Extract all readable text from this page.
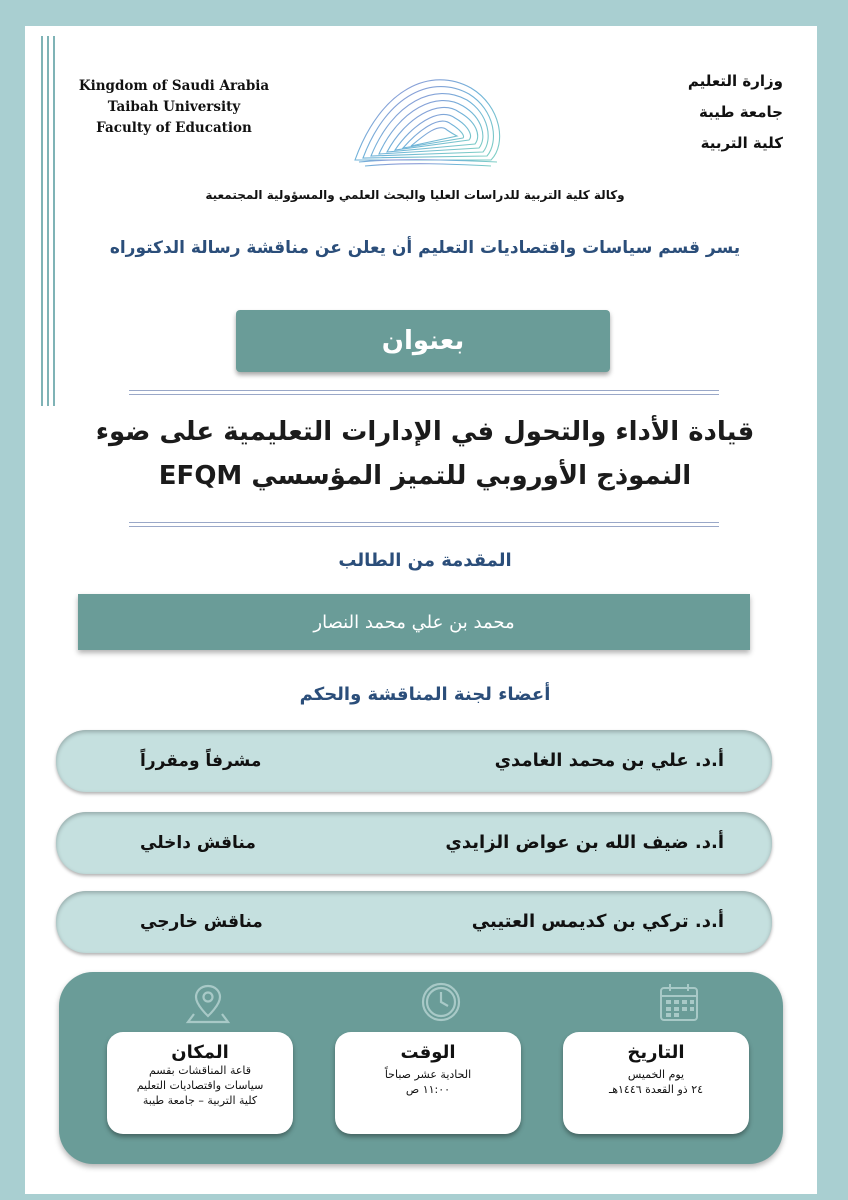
Kingdom of Saudi Arabia
Taibah University
Faculty of Education
وزارة التعليم
جامعة طيبة
كلية التربية
وكالة كلية التربية للدراسات العليا والبحث العلمي والمسؤولية المجتمعية
يسر قسم سياسات واقتصاديات التعليم أن يعلن عن مناقشة رسالة الدكتوراه
بعنوان
قيادة الأداء والتحول في الإدارات التعليمية على ضوء
النموذج الأوروبي للتميز المؤسسي EFQM
المقدمة من الطالب
محمد بن علي محمد النصار
أعضاء لجنة المناقشة والحكم
أ.د. علي بن محمد الغامدي
مشرفاً ومقرراً
أ.د. ضيف الله بن عواض الزايدي
مناقش داخلي
أ.د. تركي بن كديمس العتيبي
مناقش خارجي
المكان
قاعة المناقشات بقسم
سياسات واقتصاديات التعليم
كلية التربية – جامعة طيبة
الوقت
الحادية عشر صباحاً
١١:٠٠ ص
التاريخ
يوم الخميس
٢٤ ذو القعدة ١٤٤٦هـ
